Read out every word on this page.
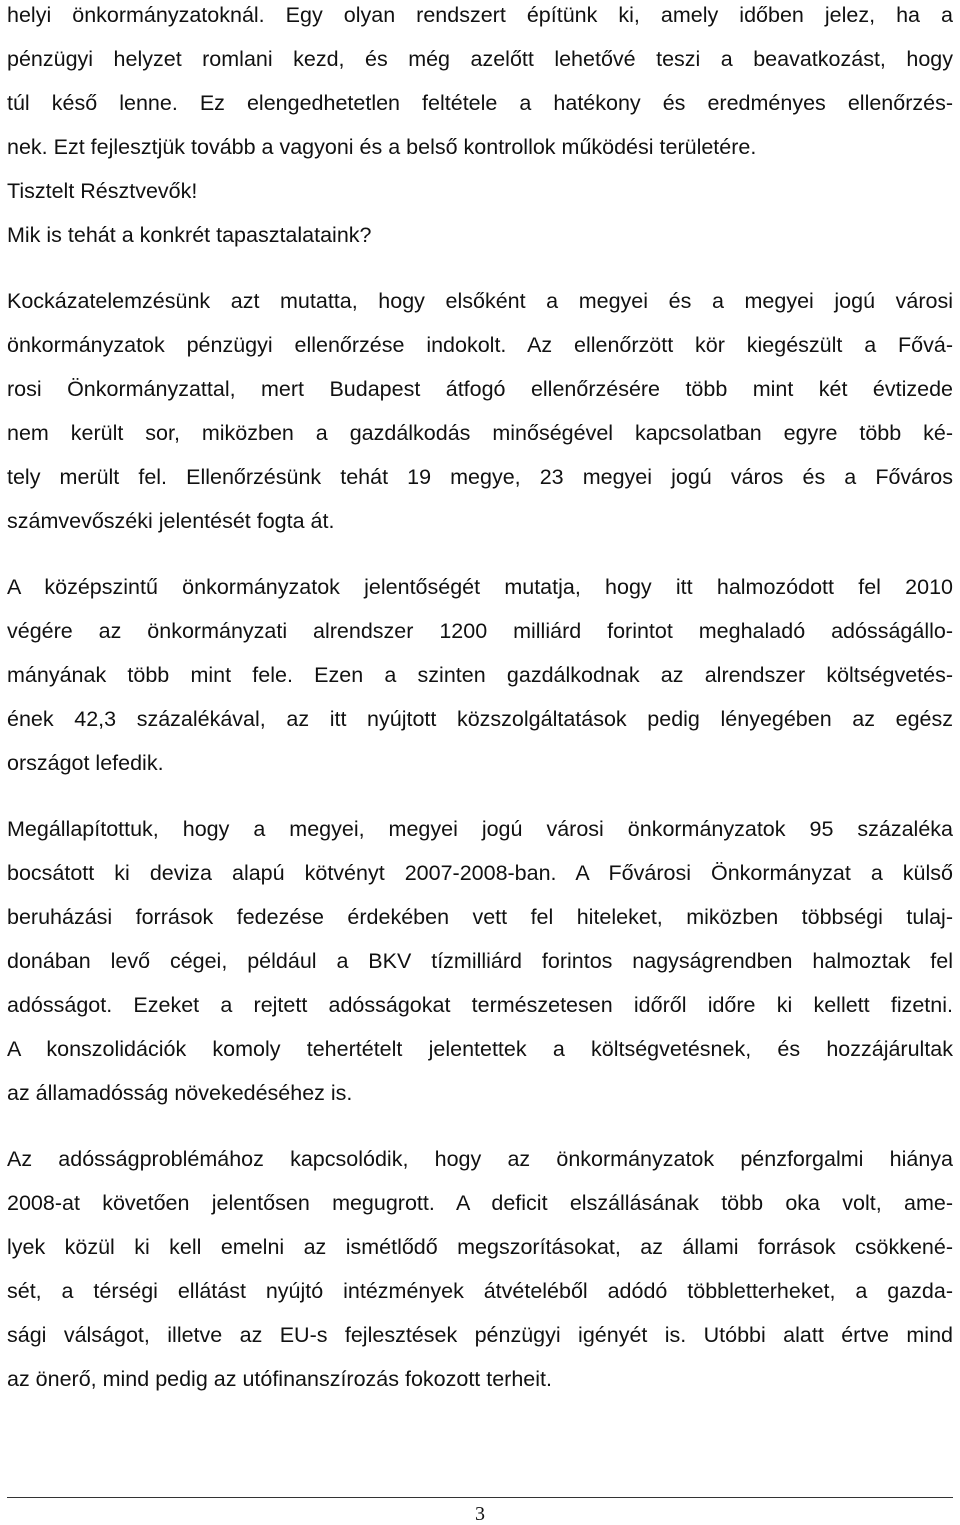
helyi önkormányzatoknál. Egy olyan rendszert építünk ki, amely időben jelez, ha a
pénzügyi helyzet romlani kezd, és még azelőtt lehetővé teszi a beavatkozást, hogy
túl késő lenne. Ez elengedhetetlen feltétele a hatékony és eredményes ellenőrzés-
nek. Ezt fejlesztjük tovább a vagyoni és a belső kontrollok működési területére.
Tisztelt Résztvevők!
Mik is tehát a konkrét tapasztalataink?
Kockázatelemzésünk azt mutatta, hogy elsőként a megyei és a megyei jogú városi
önkormányzatok pénzügyi ellenőrzése indokolt. Az ellenőrzött kör kiegészült a Fővá-
rosi Önkormányzattal, mert Budapest átfogó ellenőrzésére több mint két évtizede
nem került sor, miközben a gazdálkodás minőségével kapcsolatban egyre több ké-
tely merült fel. Ellenőrzésünk tehát 19 megye, 23 megyei jogú város és a Főváros
számvevőszéki jelentését fogta át.
A középszintű önkormányzatok jelentőségét mutatja, hogy itt halmozódott fel 2010
végére az önkormányzati alrendszer 1200 milliárd forintot meghaladó adósságállo-
mányának több mint fele. Ezen a szinten gazdálkodnak az alrendszer költségvetés-
ének 42,3 százalékával, az itt nyújtott közszolgáltatások pedig lényegében az egész
országot lefedik.
Megállapítottuk, hogy a megyei, megyei jogú városi önkormányzatok 95 százaléka
bocsátott ki deviza alapú kötvényt 2007-2008-ban. A Fővárosi Önkormányzat a külső
beruházási források fedezése érdekében vett fel hiteleket, miközben többségi tulaj-
donában levő cégei, például a BKV tízmilliárd forintos nagyságrendben halmoztak fel
adósságot. Ezeket a rejtett adósságokat természetesen időről időre ki kellett fizetni.
A konszolidációk komoly tehertételt jelentettek a költségvetésnek, és hozzájárultak
az államadósság növekedéséhez is.
Az adósságproblémához kapcsolódik, hogy az önkormányzatok pénzforgalmi hiánya
2008-at követően jelentősen megugrott. A deficit elszállásának több oka volt, ame-
lyek közül ki kell emelni az ismétlődő megszorításokat, az állami források csökkené-
sét, a térségi ellátást nyújtó intézmények átvételéből adódó többletterheket, a gazda-
sági válságot, illetve az EU-s fejlesztések pénzügyi igényét is. Utóbbi alatt értve mind
az önerő, mind pedig az utófinanszírozás fokozott terheit.
3
